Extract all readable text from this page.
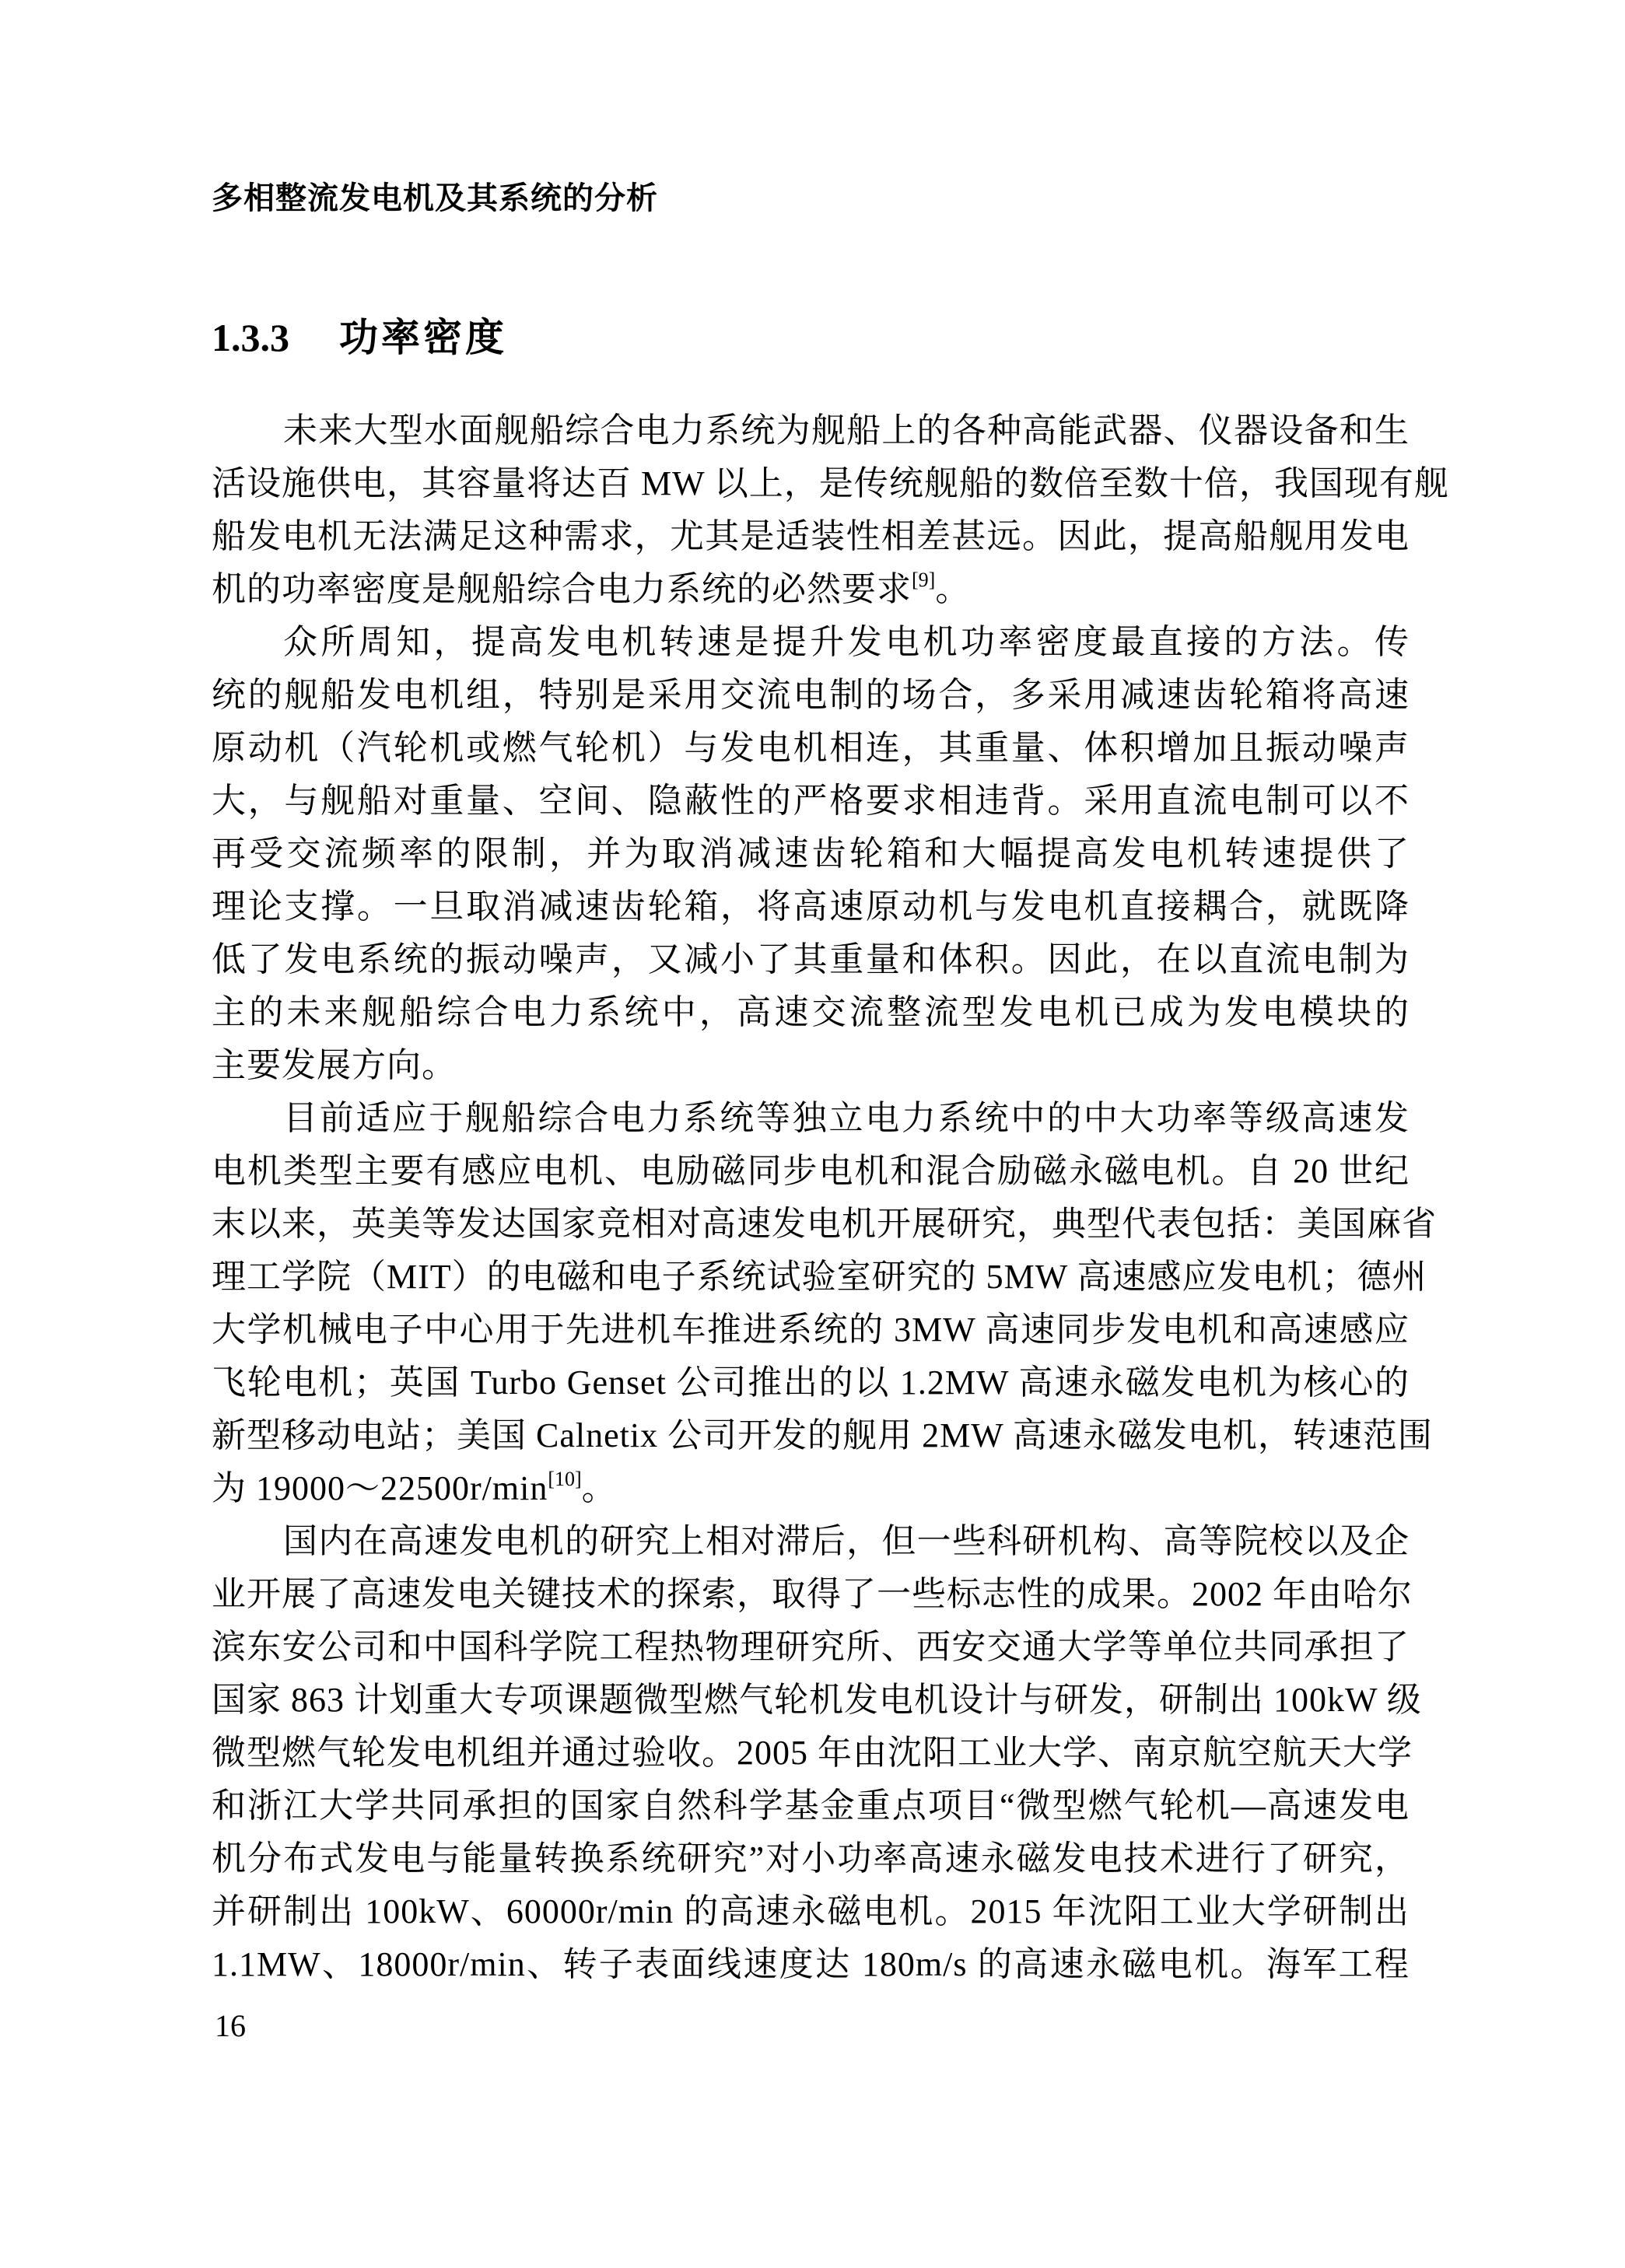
多相整流发电机及其系统的分析
1.3.3 功率密度
未来大型水面舰船综合电力系统为舰船上的各种高能武器、仪器设备和生
活设施供电，其容量将达百 MW 以上，是传统舰船的数倍至数十倍，我国现有舰
船发电机无法满足这种需求，尤其是适装性相差甚远。因此，提高船舰用发电
机的功率密度是舰船综合电力系统的必然要求[9]。
众所周知，提高发电机转速是提升发电机功率密度最直接的方法。传
统的舰船发电机组，特别是采用交流电制的场合，多采用减速齿轮箱将高速
原动机（汽轮机或燃气轮机）与发电机相连，其重量、体积增加且振动噪声
大，与舰船对重量、空间、隐蔽性的严格要求相违背。采用直流电制可以不
再受交流频率的限制，并为取消减速齿轮箱和大幅提高发电机转速提供了
理论支撑。一旦取消减速齿轮箱，将高速原动机与发电机直接耦合，就既降
低了发电系统的振动噪声，又减小了其重量和体积。因此，在以直流电制为
主的未来舰船综合电力系统中，高速交流整流型发电机已成为发电模块的
主要发展方向。
目前适应于舰船综合电力系统等独立电力系统中的中大功率等级高速发
电机类型主要有感应电机、电励磁同步电机和混合励磁永磁电机。自 20 世纪
末以来，英美等发达国家竞相对高速发电机开展研究，典型代表包括：美国麻省
理工学院（MIT）的电磁和电子系统试验室研究的 5MW 高速感应发电机；德州
大学机械电子中心用于先进机车推进系统的 3MW 高速同步发电机和高速感应
飞轮电机；英国 Turbo Genset 公司推出的以 1.2MW 高速永磁发电机为核心的
新型移动电站；美国 Calnetix 公司开发的舰用 2MW 高速永磁发电机，转速范围
为 19000～22500r/min[10]。
国内在高速发电机的研究上相对滞后，但一些科研机构、高等院校以及企
业开展了高速发电关键技术的探索，取得了一些标志性的成果。2002 年由哈尔
滨东安公司和中国科学院工程热物理研究所、西安交通大学等单位共同承担了
国家 863 计划重大专项课题微型燃气轮机发电机设计与研发，研制出 100kW 级
微型燃气轮发电机组并通过验收。2005 年由沈阳工业大学、南京航空航天大学
和浙江大学共同承担的国家自然科学基金重点项目“微型燃气轮机—高速发电
机分布式发电与能量转换系统研究”对小功率高速永磁发电技术进行了研究，
并研制出 100kW、60000r/min 的高速永磁电机。2015 年沈阳工业大学研制出
1.1MW、18000r/min、转子表面线速度达 180m/s 的高速永磁电机。海军工程
16
